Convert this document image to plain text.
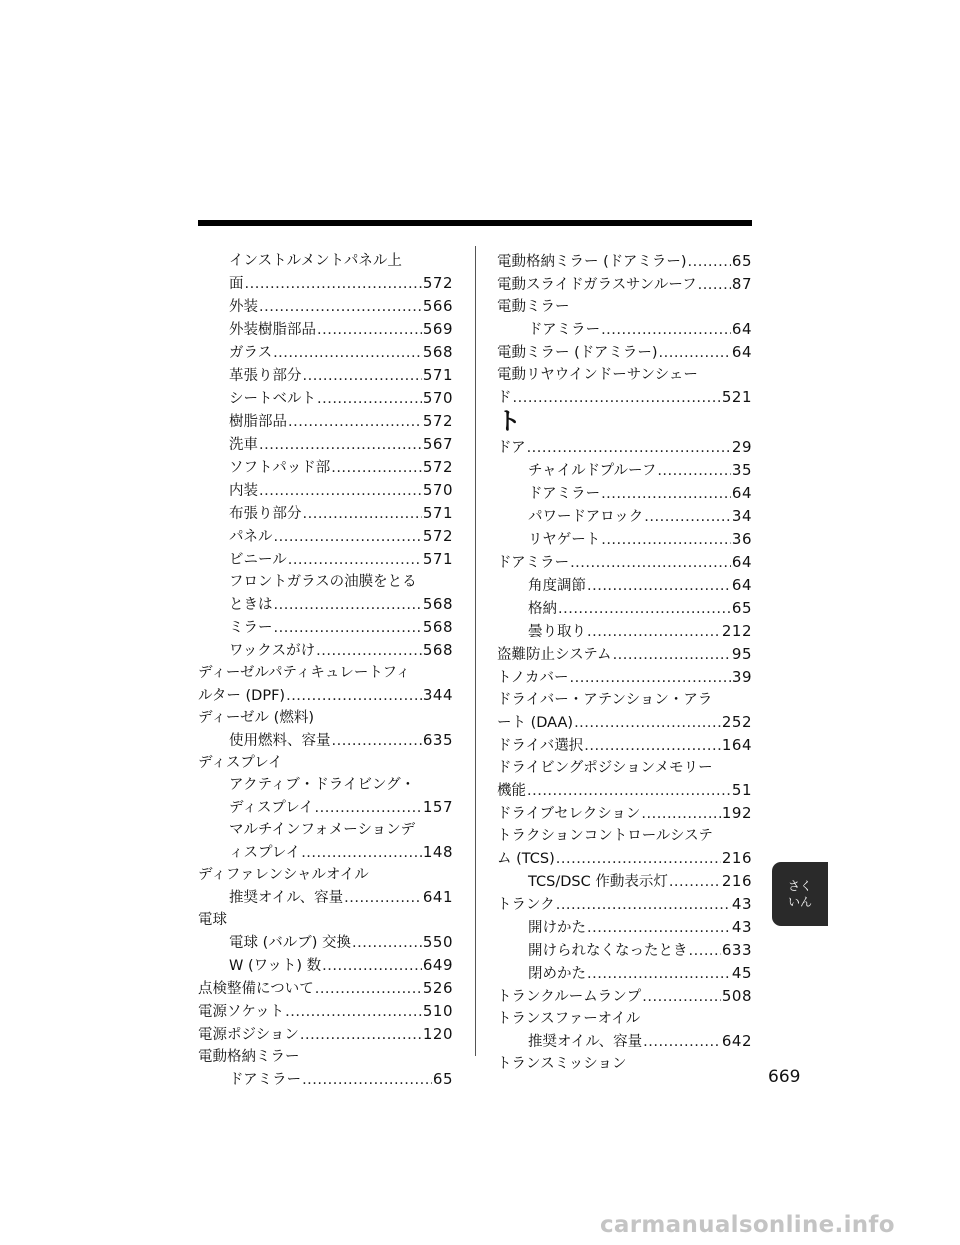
インストルメントパネル上
面 .....	572
外装 .....	566
外装樹脂部品 .....	569
ガラス .....	568
革張り部分 .....	571
シートベルト .....	570
樹脂部品 .....	572
洗車 .....	567
ソフトパッド部 .....	572
内装 .....	570
布張り部分 .....	571
パネル .....	572
ビニール .....	571
フロントガラスの油膜をとる
ときは .....	568
ミラー .....	568
ワックスがけ .....	568
ディーゼルパティキュレートフィ
ルター (DPF) .....	344
ディーゼル (燃料)
使用燃料、容量 .....	635
ディスプレイ
アクティブ・ドライビング・
ディスプレイ .....	157
マルチインフォメーションデ
ィスプレイ .....	148
ディファレンシャルオイル
推奨オイル、容量 .....	641
電球
電球 (バルブ) 交換 .....	550
W (ワット) 数 .....	649
点検整備について .....	526
電源ソケット .....	510
電源ポジション .....	120
電動格納ミラー
ドアミラー .....	65
電動格納ミラー (ドアミラー) .....	65
電動スライドガラスサンルーフ ..... 87
電動ミラー
ドアミラー .....	64
電動ミラー (ドアミラー) .....	64
電動リヤウインドーサンシェー
ド .....	521
ト
ドア .....	29
チャイルドプルーフ .....	35
ドアミラー .....	64
パワードアロック .....	34
リヤゲート .....	36
ドアミラー .....	64
角度調節 .....	64
格納 .....	65
曇り取り .....	212
盗難防止システム .....	95
トノカバー .....	39
ドライバー・アテンション・アラ
ート (DAA) .....	252
ドライバ選択 .....	164
ドライビングポジションメモリー
機能 .....	51
ドライブセレクション .....	192
トラクションコントロールシステ
ム (TCS) .....	216
TCS/DSC 作動表示灯 .....	216
トランク .....	43
開けかた .....	43
開けられなくなったとき ..... 633
閉めかた .....	45
トランクルームランプ .....	508
トランスファーオイル
推奨オイル、容量 .....	642
トランスミッション
さく
いん
669
carmanualsonline.info
